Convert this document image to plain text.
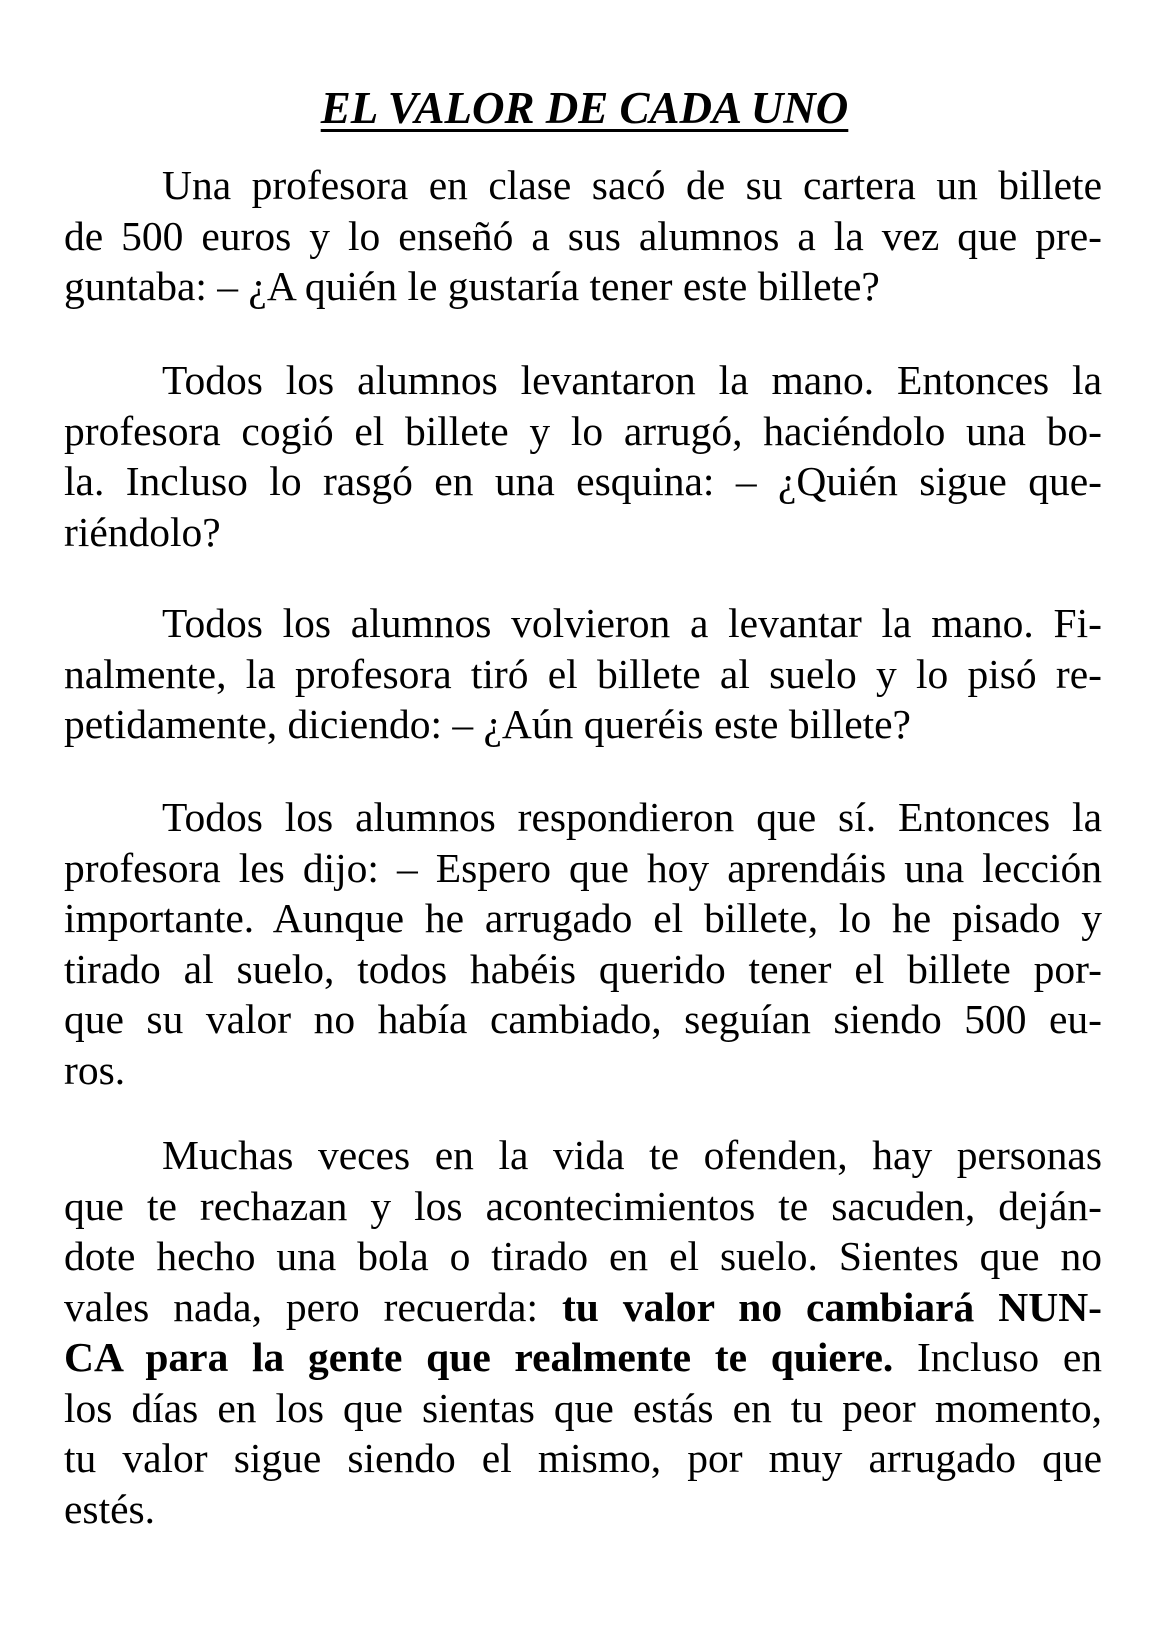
EL VALOR DE CADA UNO
Una profesora en clase sacó de su cartera un billete
de 500 euros y lo enseñó a sus alumnos a la vez que pre-
guntaba: – ¿A quién le gustaría tener este billete?
Todos los alumnos levantaron la mano. Entonces la
profesora cogió el billete y lo arrugó, haciéndolo una bo-
la. Incluso lo rasgó en una esquina: – ¿Quién sigue que-
riéndolo?
Todos los alumnos volvieron a levantar la mano. Fi-
nalmente, la profesora tiró el billete al suelo y lo pisó re-
petidamente, diciendo: – ¿Aún queréis este billete?
Todos los alumnos respondieron que sí. Entonces la
profesora les dijo: – Espero que hoy aprendáis una lección
importante. Aunque he arrugado el billete, lo he pisado y
tirado al suelo, todos habéis querido tener el billete por-
que su valor no había cambiado, seguían siendo 500 eu-
ros.
Muchas veces en la vida te ofenden, hay personas
que te rechazan y los acontecimientos te sacuden, deján-
dote hecho una bola o tirado en el suelo. Sientes que no
vales nada, pero recuerda: tu valor no cambiará NUN-
CA para la gente que realmente te quiere. Incluso en
los días en los que sientas que estás en tu peor momento,
tu valor sigue siendo el mismo, por muy arrugado que
estés.
